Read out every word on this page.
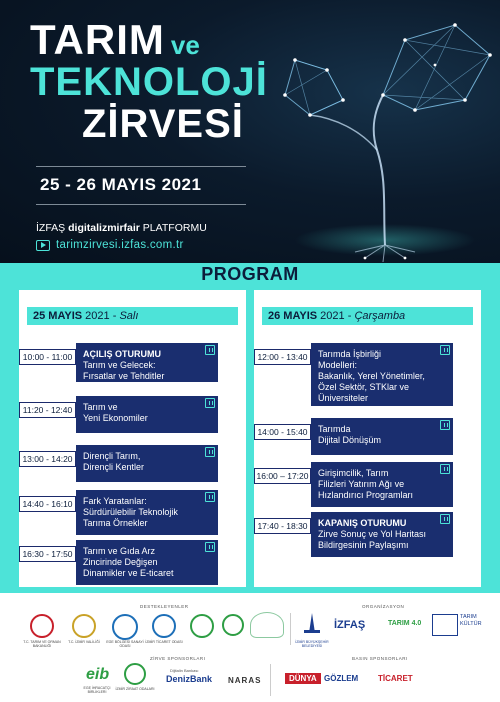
TARIM ve
TEKNOLOJİ
ZİRVESİ
25 - 26 MAYIS 2021
İZFAŞ digitalizmirfair PLATFORMU
tarimzirvesi.izfas.com.tr
PROGRAM
25 MAYIS 2021 - Salı
10:00 - 11:00	AÇILIŞ OTURUMU
Tarım ve Gelecek:
Fırsatlar ve Tehditler
11:20 - 12:40	Tarım ve
Yeni Ekonomiler
13:00 - 14:20	Dirençli Tarım,
Dirençli Kentler
14:40 - 16:10	Fark Yaratanlar:
Sürdürülebilir Teknolojik
Tarıma Örnekler
16:30 - 17:50	Tarım ve Gıda Arz
Zincirinde Değişen
Dinamikler ve E-ticaret
26 MAYIS 2021 - Çarşamba
12:00 - 13:40	Tarımda İşbirliği
Modelleri:
Bakanlık, Yerel Yönetimler,
Özel Sektör, STKlar ve
Üniversiteler
14:00 - 15:40	Tarımda
Dijital Dönüşüm
16:00 – 17:20 Girişimcilik, Tarım
Filizleri Yatırım Ağı ve
Hızlandırıcı Programları
17:40 - 18:30	KAPANIŞ OTURUMU
Zirve Sonuç ve Yol Haritası
Bildirgesinin Paylaşımı
DESTEKLEYENLER	ORGANİZASYON
ZİRVE SPONSORLARI	BASIN SPONSORLARI
T.C. TARIM VE ORMAN BAKANLIĞI
T.C. İZMİR VALİLİĞİ	EGE BÖLGESİ SANAYİ ODASI
İZMİR TİCARET ODASI	İZMİR BÜYÜKŞEHİR BELEDİYESİ
İZFAŞ	TARIM 4.0
TARIM KÜLTÜR
eib
EGE İHRACATÇI BİRLİKLERİ
İZMİR ZİRAAT ODALARI
Dijitalin Bankası
DenizBank NARAS	DÜNYA GÖZLEM TİCARET
